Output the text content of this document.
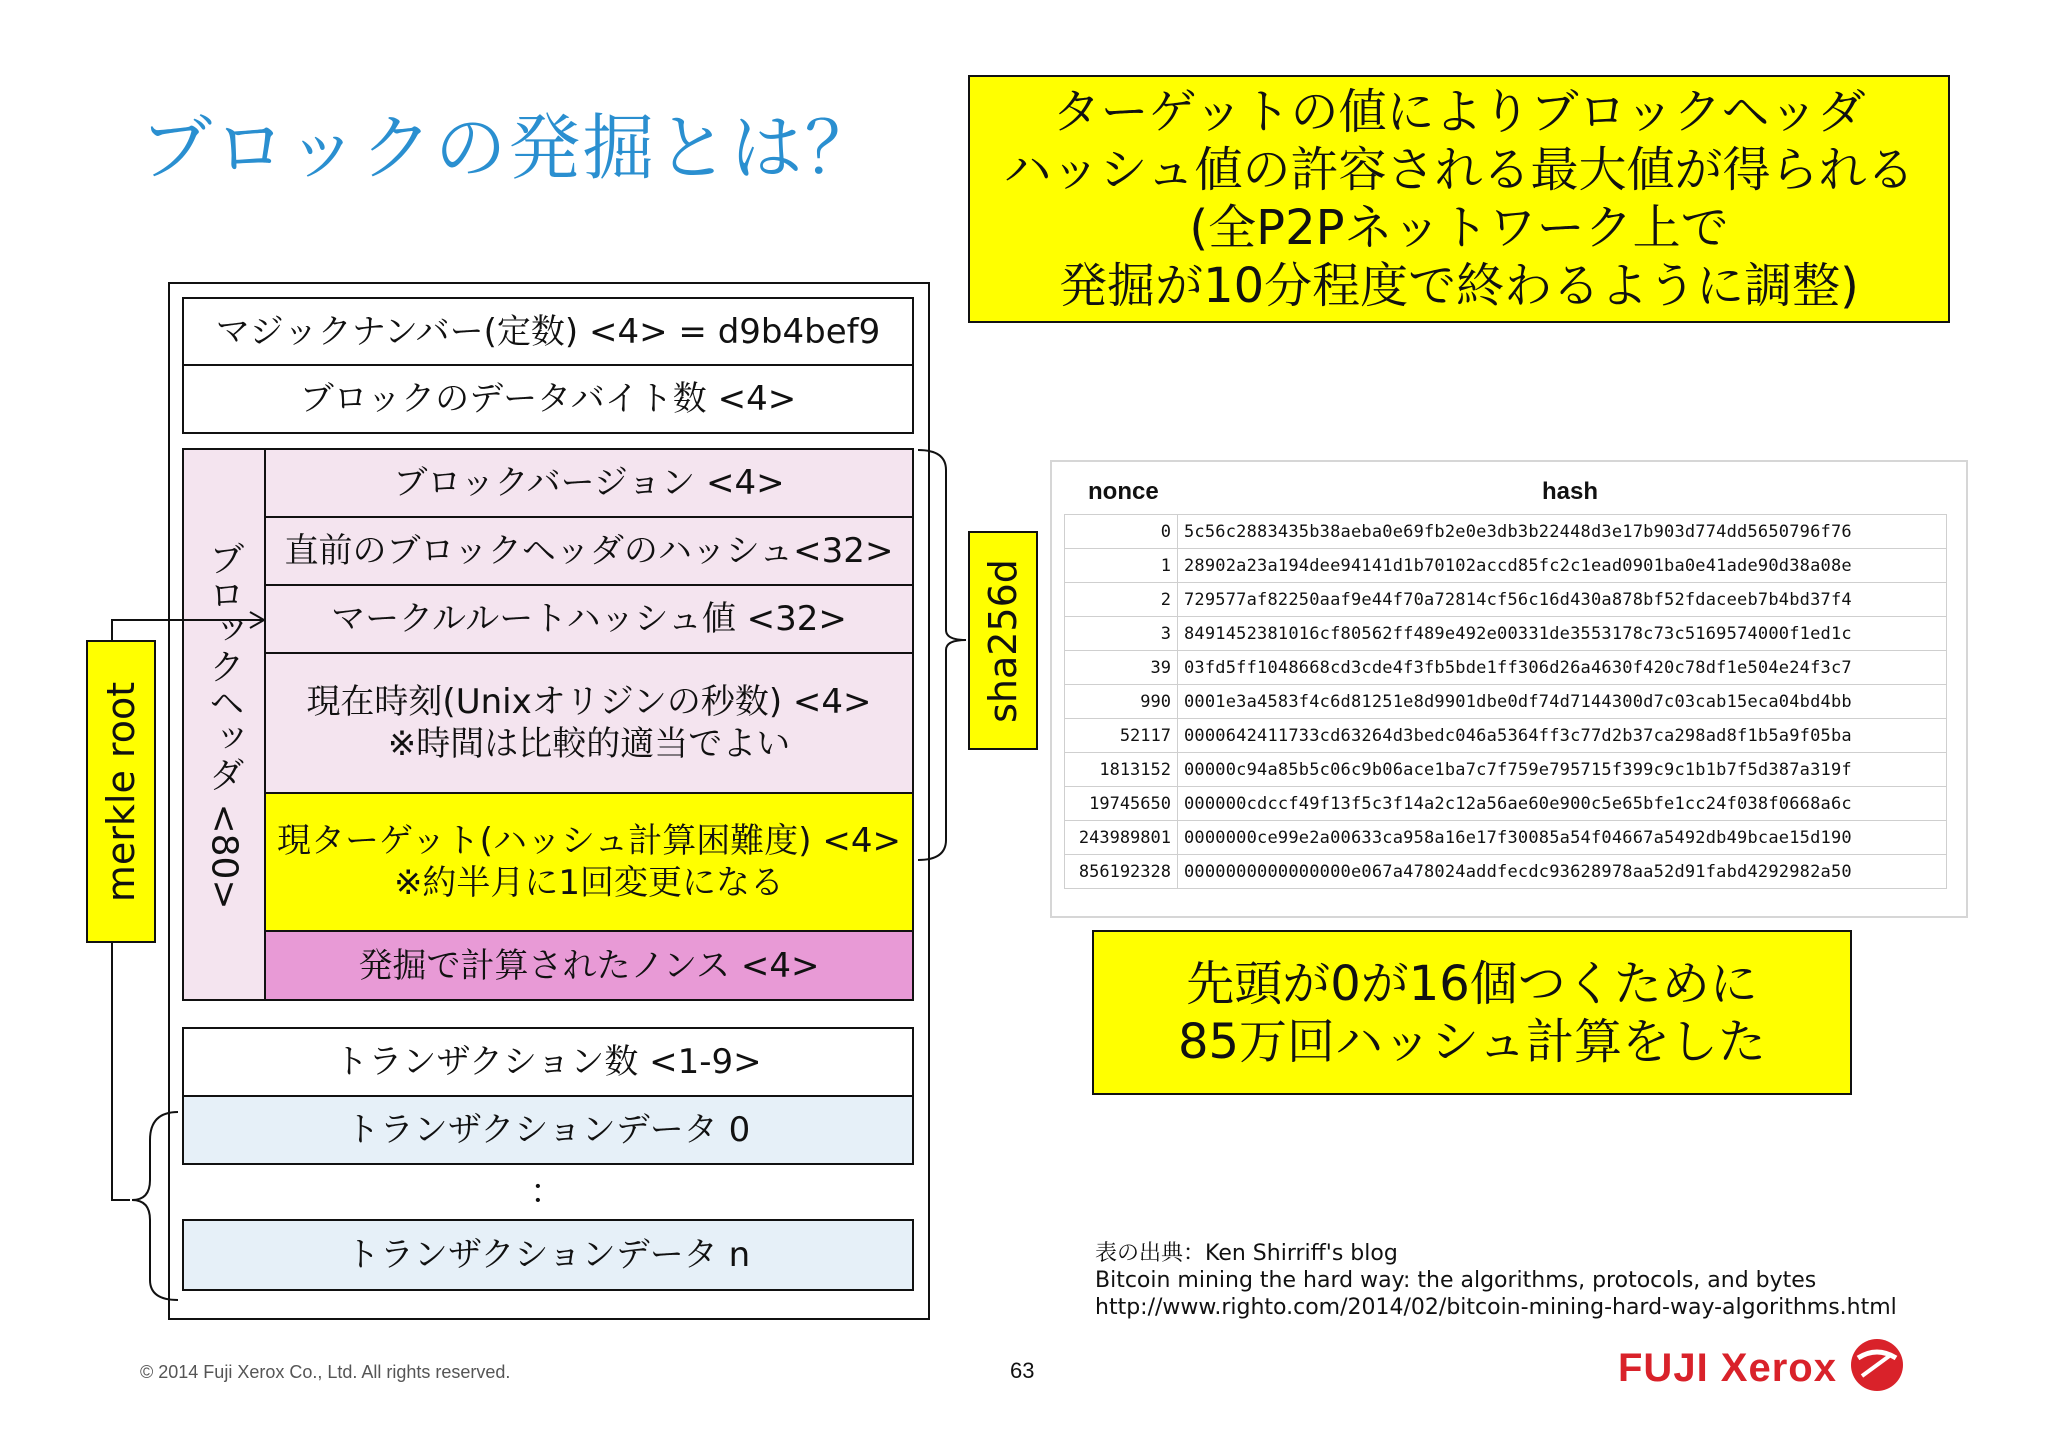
ブロックの発掘とは？	ターゲットの値によりブロックヘッダ
ハッシュ値の許容される最大値が得られる
(全P2Pネットワーク上で
発掘が10分程度で終わるように調整)
マジックナンバー(定数) <4> = d9b4bef9
ブロックのデータバイト数 <4>
ブロックヘッダ <80>
ブロックバージョン <4>
直前のブロックヘッダのハッシュ<32>
マークルルートハッシュ値 <32>
現在時刻(Unixオリジンの秒数) <4>
※時間は比較的適当でよい
現ターゲット(ハッシュ計算困難度) <4>
※約半月に1回変更になる
発掘で計算されたノンス <4>
トランザクション数 <1-9>
トランザクションデータ 0
：
トランザクションデータ n
merkle root
sha256d
nonce	hash
0	5c56c2883435b38aeba0e69fb2e0e3db3b22448d3e17b903d774dd5650796f76
1	28902a23a194dee94141d1b70102accd85fc2c1ead0901ba0e41ade90d38a08e
2	729577af82250aaf9e44f70a72814cf56c16d430a878bf52fdaceeb7b4bd37f4
3	8491452381016cf80562ff489e492e00331de3553178c73c5169574000f1ed1c
39	03fd5ff1048668cd3cde4f3fb5bde1ff306d26a4630f420c78df1e504e24f3c7
990	0001e3a4583f4c6d81251e8d9901dbe0df74d7144300d7c03cab15eca04bd4bb
52117	0000642411733cd63264d3bedc046a5364ff3c77d2b37ca298ad8f1b5a9f05ba
1813152	00000c94a85b5c06c9b06ace1ba7c7f759e795715f399c9c1b1b7f5d387a319f
19745650	000000cdccf49f13f5c3f14a2c12a56ae60e900c5e65bfe1cc24f038f0668a6c
243989801	0000000ce99e2a00633ca958a16e17f30085a54f04667a5492db49bcae15d190
856192328	0000000000000000e067a478024addfecdc93628978aa52d91fabd4292982a50
先頭が0が16個つくために
85万回ハッシュ計算をした
表の出典：Ken Shirriff's blog
Bitcoin mining the hard way: the algorithms, protocols, and bytes
http://www.righto.com/2014/02/bitcoin-mining-hard-way-algorithms.html
© 2014 Fuji Xerox Co., Ltd. All rights reserved.	63	FUJI Xerox
